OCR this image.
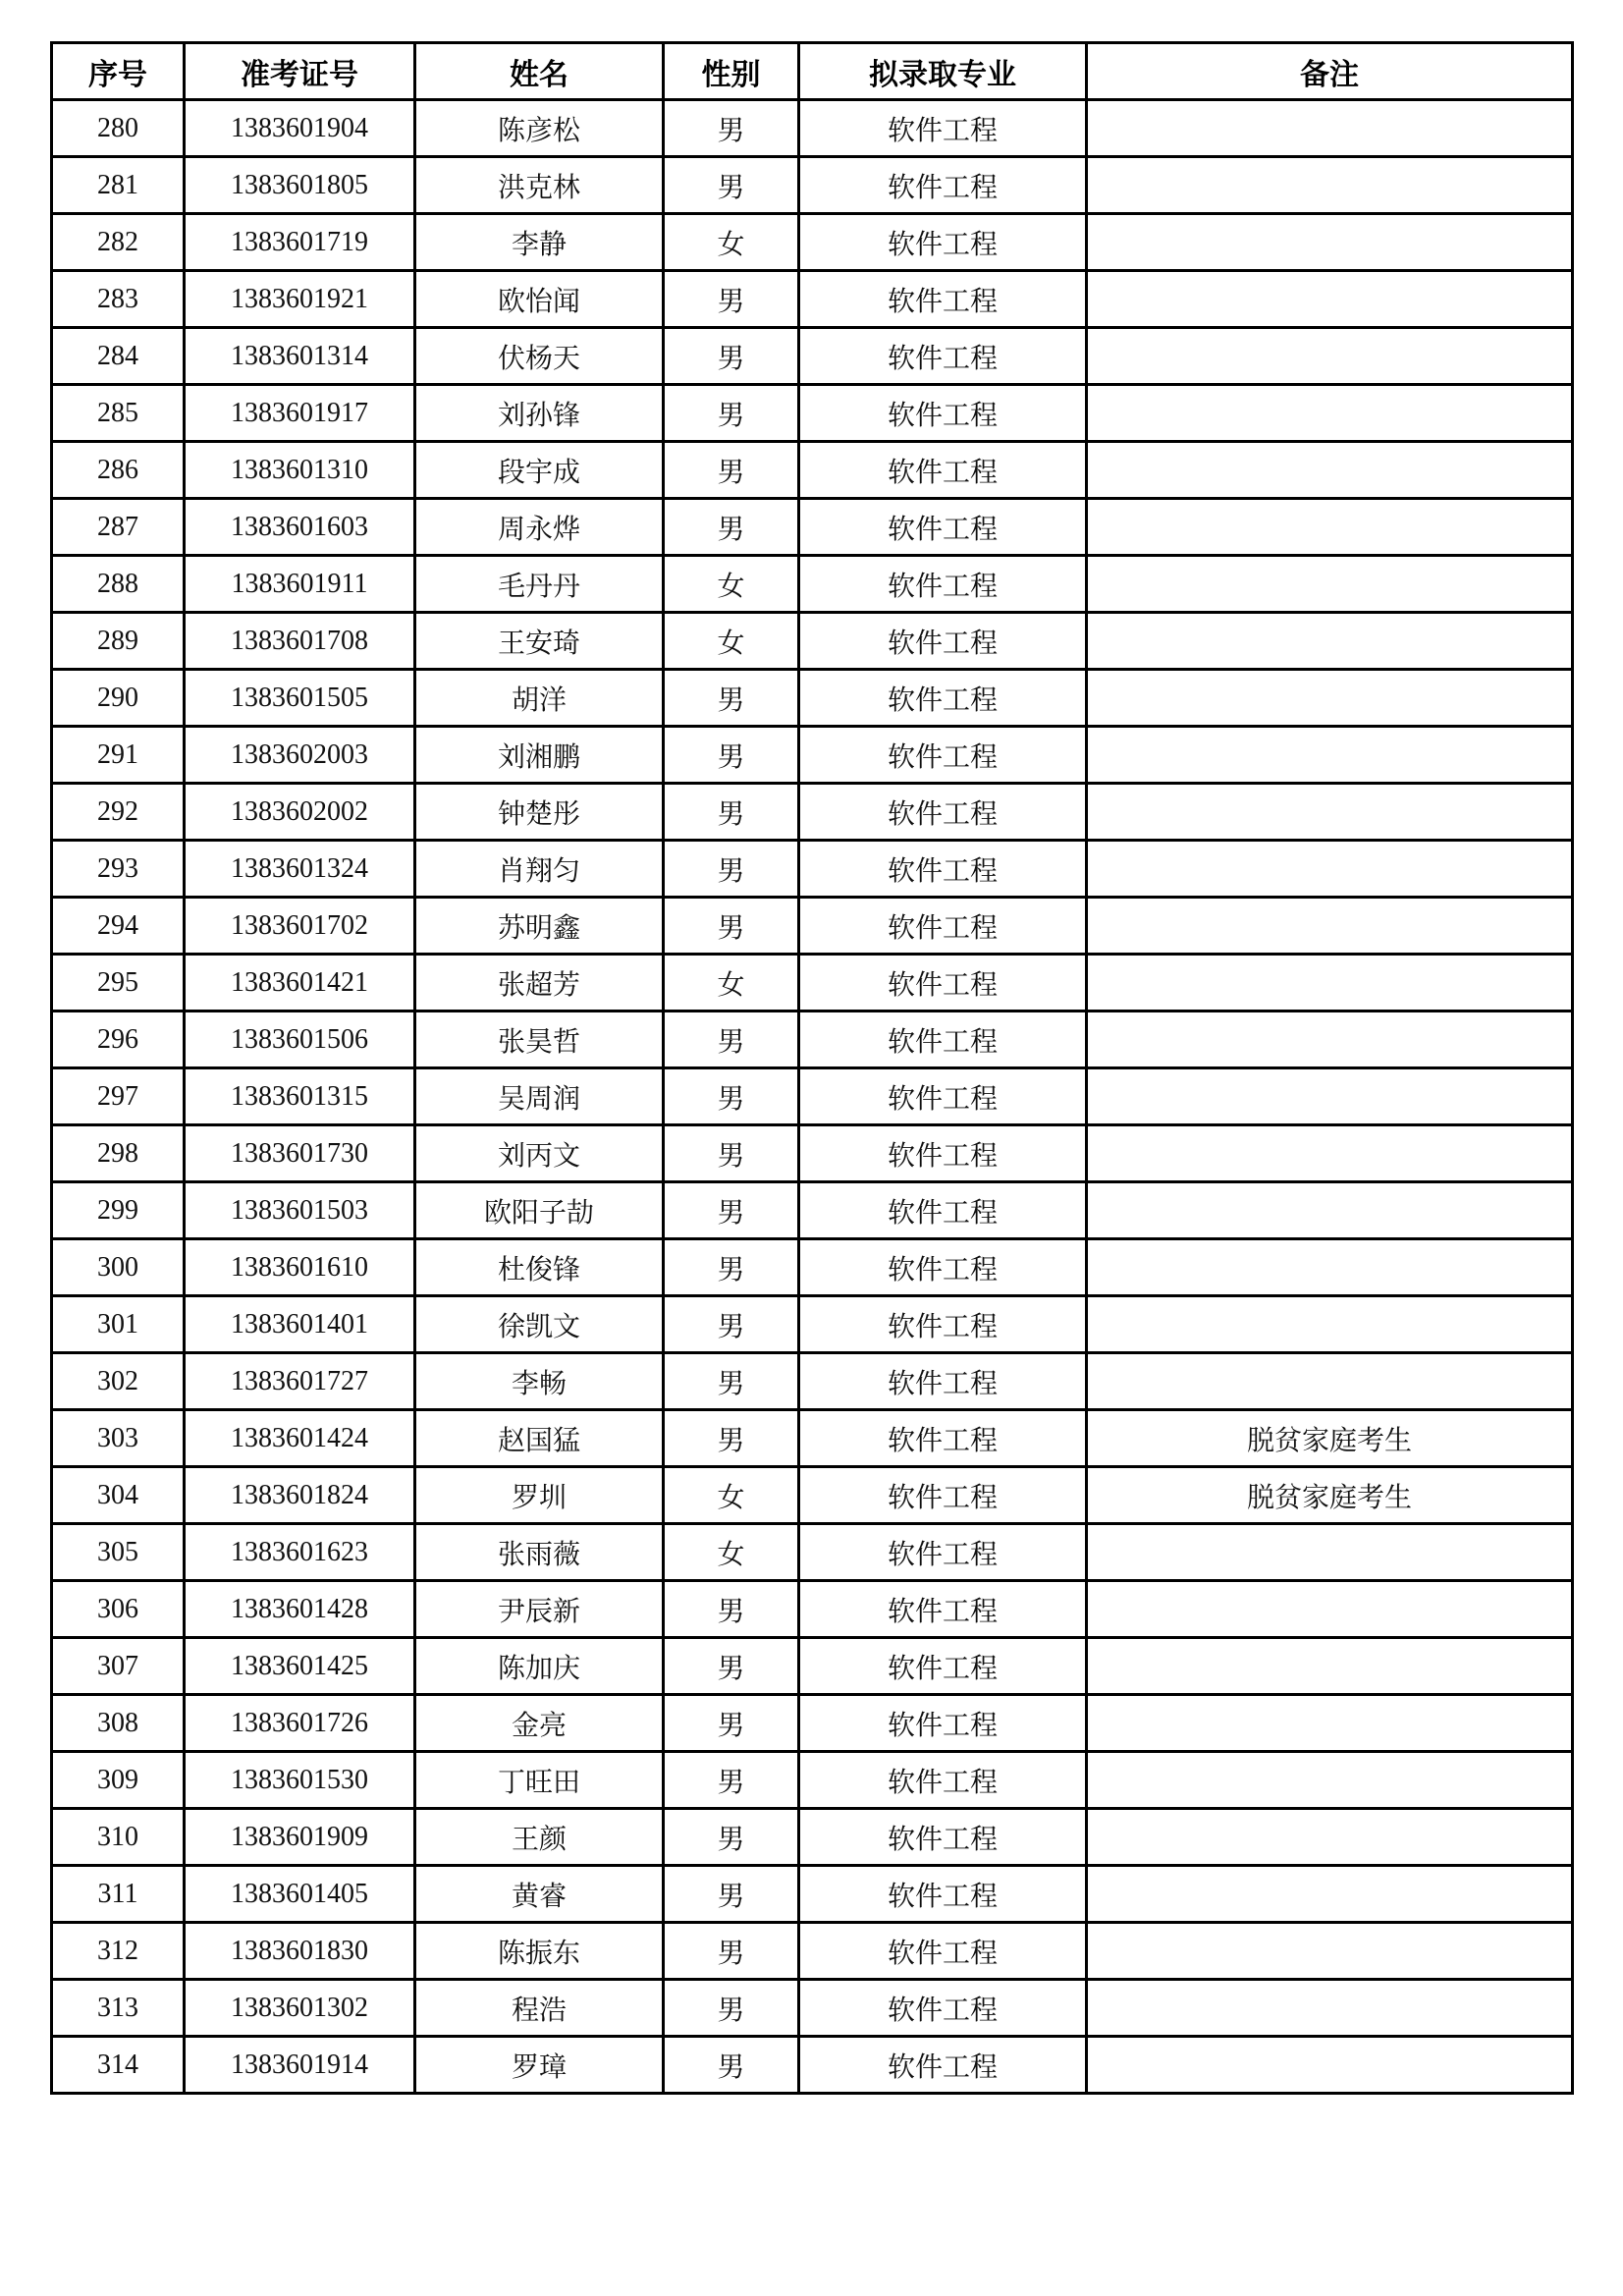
序号	准考证号	姓名	性别	拟录取专业	备注
280	1383601904	陈彦松	男	软件工程	
281	1383601805	洪克林	男	软件工程	
282	1383601719	李静	女	软件工程	
283	1383601921	欧怡闻	男	软件工程	
284	1383601314	伏杨天	男	软件工程	
285	1383601917	刘孙锋	男	软件工程	
286	1383601310	段宇成	男	软件工程	
287	1383601603	周永烨	男	软件工程	
288	1383601911	毛丹丹	女	软件工程	
289	1383601708	王安琦	女	软件工程	
290	1383601505	胡洋	男	软件工程	
291	1383602003	刘湘鹏	男	软件工程	
292	1383602002	钟楚彤	男	软件工程	
293	1383601324	肖翔匀	男	软件工程	
294	1383601702	苏明鑫	男	软件工程	
295	1383601421	张超芳	女	软件工程	
296	1383601506	张昊哲	男	软件工程	
297	1383601315	吴周润	男	软件工程	
298	1383601730	刘丙文	男	软件工程	
299	1383601503	欧阳子劼	男	软件工程	
300	1383601610	杜俊锋	男	软件工程	
301	1383601401	徐凯文	男	软件工程	
302	1383601727	李畅	男	软件工程	
303	1383601424	赵国猛	男	软件工程	脱贫家庭考生
304	1383601824	罗圳	女	软件工程	脱贫家庭考生
305	1383601623	张雨薇	女	软件工程	
306	1383601428	尹辰新	男	软件工程	
307	1383601425	陈加庆	男	软件工程	
308	1383601726	金亮	男	软件工程	
309	1383601530	丁旺田	男	软件工程	
310	1383601909	王颜	男	软件工程	
311	1383601405	黄睿	男	软件工程	
312	1383601830	陈振东	男	软件工程	
313	1383601302	程浩	男	软件工程	
314	1383601914	罗璋	男	软件工程	
